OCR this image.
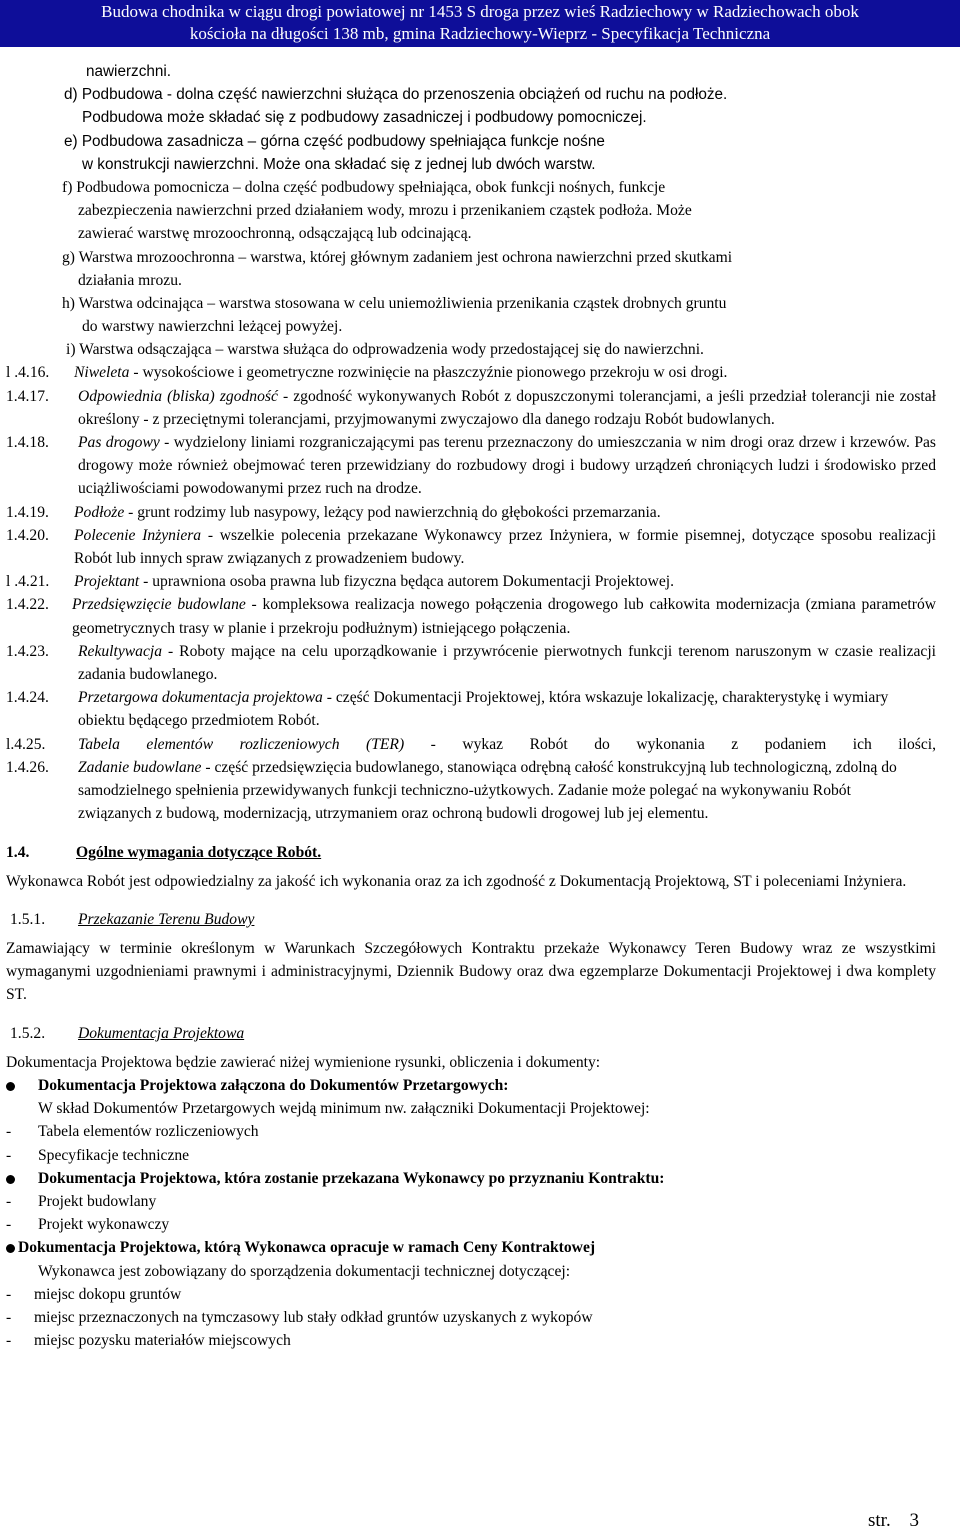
Budowa chodnika w ciągu drogi powiatowej nr 1453 S droga przez wieś Radziechowy w Radziechowach obok
kościoła na długości 138 mb, gmina Radziechowy-Wieprz - Specyfikacja Techniczna
nawierzchni.
d) Podbudowa - dolna część nawierzchni służąca do przenoszenia obciążeń od ruchu na podłoże.
Podbudowa może składać się z podbudowy zasadniczej i podbudowy pomocniczej.
e) Podbudowa zasadnicza – górna część podbudowy spełniająca funkcje nośne
w konstrukcji nawierzchni. Może ona składać się z jednej lub dwóch warstw.
f) Podbudowa pomocnicza – dolna część podbudowy spełniająca, obok funkcji nośnych, funkcje
zabezpieczenia nawierzchni przed działaniem wody, mrozu i przenikaniem cząstek podłoża. Może
zawierać warstwę mrozoochronną, odsączającą lub odcinającą.
g) Warstwa mrozoochronna – warstwa, której głównym zadaniem jest ochrona nawierzchni przed skutkami
działania mrozu.
h) Warstwa odcinająca – warstwa stosowana w celu uniemożliwienia przenikania cząstek drobnych gruntu
do warstwy nawierzchni leżącej powyżej.
i) Warstwa odsączająca – warstwa służąca do odprowadzenia wody przedostającej się do nawierzchni.
l .4.16. Niweleta - wysokościowe i geometryczne rozwinięcie na płaszczyźnie pionowego przekroju w osi drogi.
1.4.17. Odpowiednia (bliska) zgodność - zgodność wykonywanych Robót z dopuszczonymi tolerancjami, a jeśli przedział tolerancji nie został określony - z przeciętnymi tolerancjami, przyjmowanymi zwyczajowo dla danego rodzaju Robót budowlanych.
1.4.18. Pas drogowy - wydzielony liniami rozgraniczającymi pas terenu przeznaczony do umieszczania w nim drogi oraz drzew i krzewów. Pas drogowy może również obejmować teren przewidziany do rozbudowy drogi i budowy urządzeń chroniących ludzi i środowisko przed uciążliwościami powodowanymi przez ruch na drodze.
1.4.19. Podłoże - grunt rodzimy lub nasypowy, leżący pod nawierzchnią do głębokości przemarzania.
1.4.20. Polecenie Inżyniera - wszelkie polecenia przekazane Wykonawcy przez Inżyniera, w formie pisemnej, dotyczące sposobu realizacji Robót lub innych spraw związanych z prowadzeniem budowy.
l .4.21. Projektant - uprawniona osoba prawna lub fizyczna będąca autorem Dokumentacji Projektowej.
1.4.22. Przedsięwzięcie budowlane - kompleksowa realizacja nowego połączenia drogowego lub całkowita modernizacja (zmiana parametrów geometrycznych trasy w planie i przekroju podłużnym) istniejącego połączenia.
1.4.23. Rekultywacja - Roboty mające na celu uporządkowanie i przywrócenie pierwotnych funkcji terenom naruszonym w czasie realizacji zadania budowlanego.
1.4.24. Przetargowa dokumentacja projektowa - część Dokumentacji Projektowej, która wskazuje lokalizację, charakterystykę i wymiary obiektu będącego przedmiotem Robót.
l.4.25. Tabela elementów rozliczeniowych (TER) - wykaz Robót do wykonania z podaniem ich ilości,
1.4.26. Zadanie budowlane - część przedsięwzięcia budowlanego, stanowiąca odrębną całość konstrukcyjną lub technologiczną, zdolną do samodzielnego spełnienia przewidywanych funkcji techniczno-użytkowych. Zadanie może polegać na wykonywaniu Robót związanych z budową, modernizacją, utrzymaniem oraz ochroną budowli drogowej lub jej elementu.
1.4.	Ogólne wymagania dotyczące Robót.
Wykonawca Robót jest odpowiedzialny za jakość ich wykonania oraz za ich zgodność z Dokumentacją Projektową, ST i poleceniami Inżyniera.
1.5.1. Przekazanie Terenu Budowy
Zamawiający w terminie określonym w Warunkach Szczegółowych Kontraktu przekaże Wykonawcy Teren Budowy wraz ze wszystkimi wymaganymi uzgodnieniami prawnymi i administracyjnymi, Dziennik Budowy oraz dwa egzemplarze Dokumentacji Projektowej i dwa komplety ST.
1.5.2. Dokumentacja Projektowa
Dokumentacja Projektowa będzie zawierać niżej wymienione rysunki, obliczenia i dokumenty:
Dokumentacja Projektowa załączona do Dokumentów Przetargowych:
W skład Dokumentów Przetargowych wejdą minimum nw. załączniki Dokumentacji Projektowej:
- Tabela elementów rozliczeniowych
- Specyfikacje techniczne
Dokumentacja Projektowa, która zostanie przekazana Wykonawcy po przyznaniu Kontraktu:
- Projekt budowlany
- Projekt wykonawczy
Dokumentacja Projektowa, którą Wykonawca opracuje w ramach Ceny Kontraktowej
Wykonawca jest zobowiązany do sporządzenia dokumentacji technicznej dotyczącej:
- miejsc dokopu gruntów
- miejsc przeznaczonych na tymczasowy lub stały odkład gruntów uzyskanych z wykopów
- miejsc pozysku materiałów miejscowych
str. 3
